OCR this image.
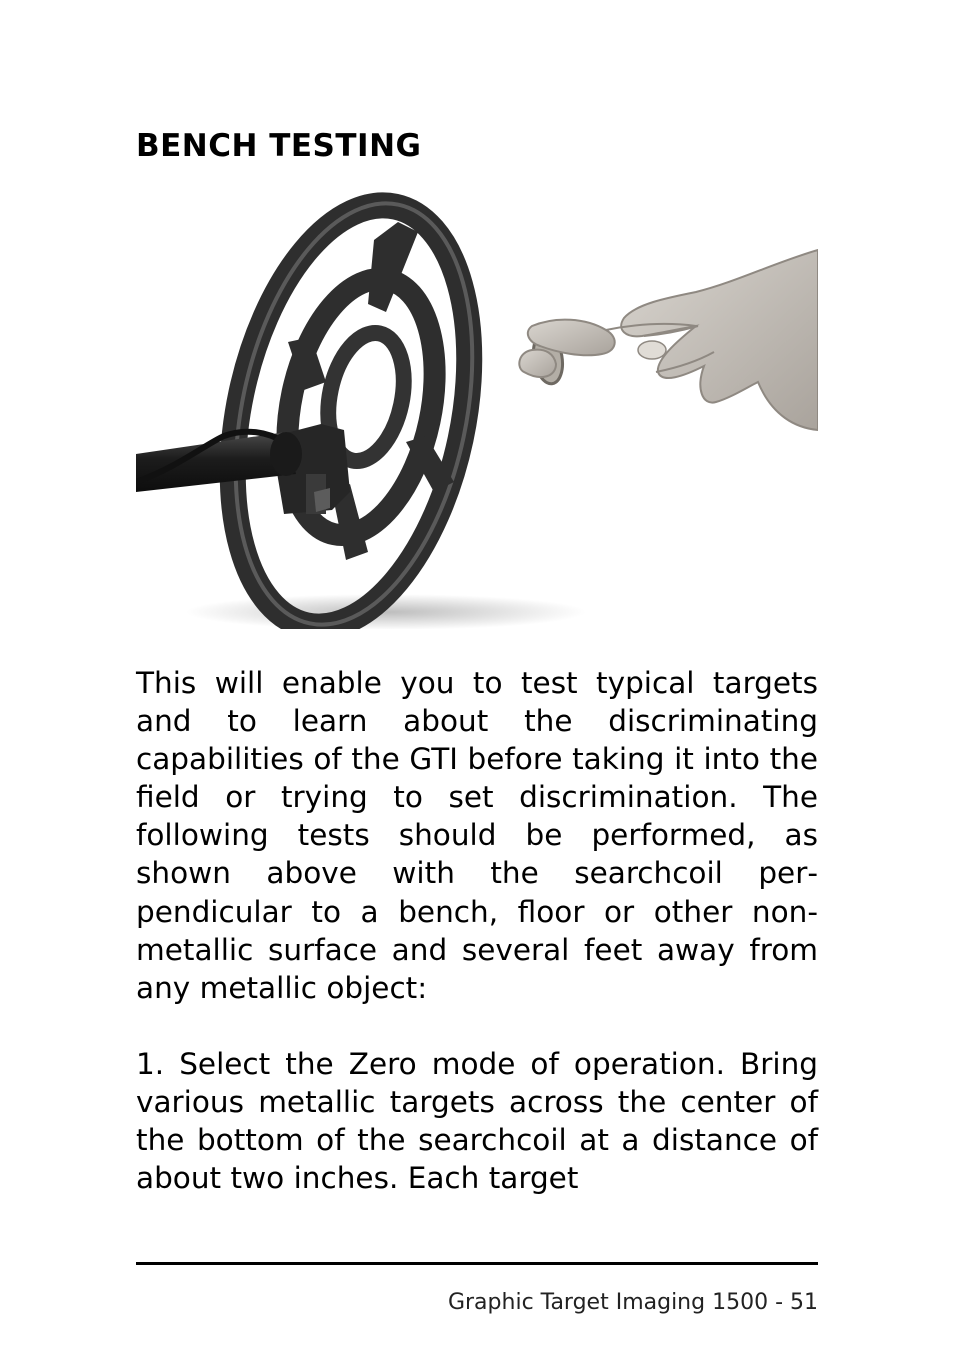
BENCH TESTING

This will enable you to test typical targets and to learn about the discriminating capabilities of the GTI before taking it into the field or trying to set discrimination. The following tests should be performed, as shown above with the searchcoil perpendicular to a bench, floor or other non-metallic surface and several feet away from any metallic object:

1. Select the Zero mode of operation. Bring various metallic targets across the center of the bottom of the searchcoil at a distance of about two inches. Each target

Graphic Target Imaging 1500 - 51
